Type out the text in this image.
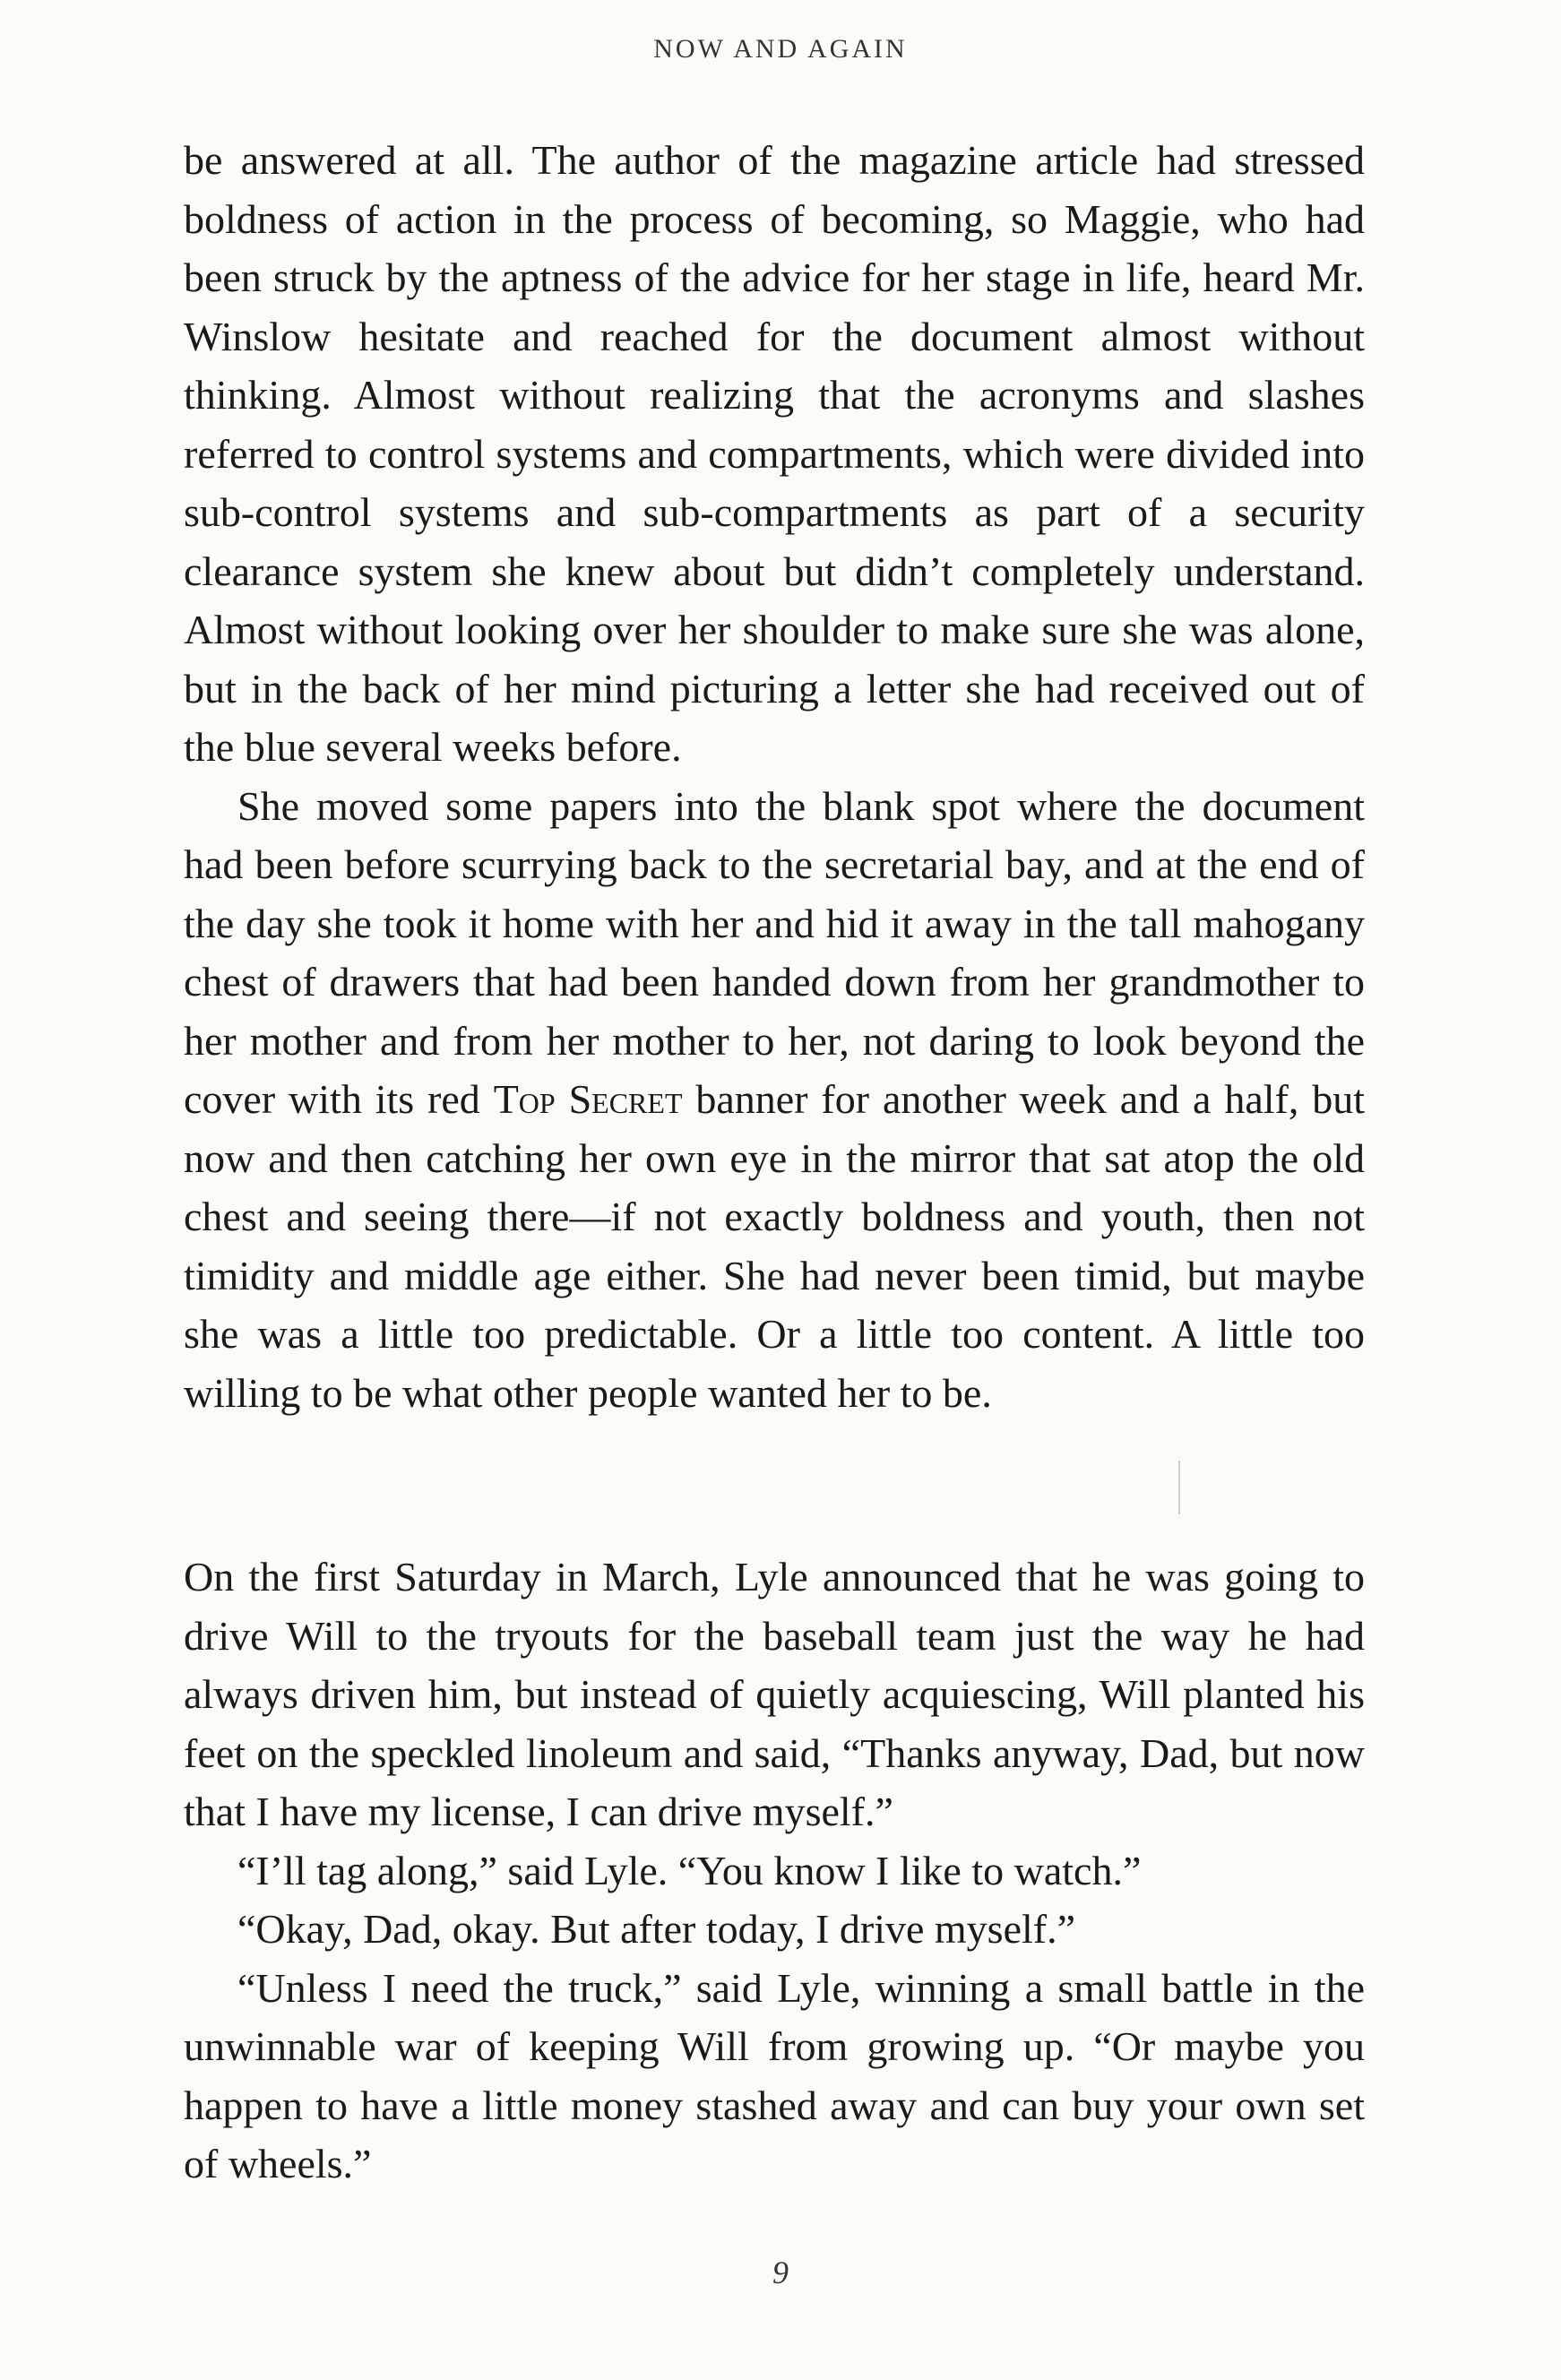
NOW AND AGAIN

be answered at all. The author of the magazine article had stressed boldness of action in the process of becoming, so Maggie, who had been struck by the aptness of the advice for her stage in life, heard Mr. Winslow hesitate and reached for the document almost without thinking. Almost without realizing that the acronyms and slashes referred to control systems and compartments, which were divided into sub-control systems and sub-compartments as part of a security clearance system she knew about but didn’t completely understand. Almost without looking over her shoulder to make sure she was alone, but in the back of her mind picturing a letter she had received out of the blue several weeks before.

She moved some papers into the blank spot where the document had been before scurrying back to the secretarial bay, and at the end of the day she took it home with her and hid it away in the tall mahogany chest of drawers that had been handed down from her grandmother to her mother and from her mother to her, not daring to look beyond the cover with its red Top Secret banner for another week and a half, but now and then catching her own eye in the mirror that sat atop the old chest and seeing there—if not exactly boldness and youth, then not timidity and middle age either. She had never been timid, but maybe she was a little too predictable. Or a little too content. A little too willing to be what other people wanted her to be.

On the first Saturday in March, Lyle announced that he was going to drive Will to the tryouts for the baseball team just the way he had always driven him, but instead of quietly acquiescing, Will planted his feet on the speckled linoleum and said, “Thanks anyway, Dad, but now that I have my license, I can drive myself.”

“I’ll tag along,” said Lyle. “You know I like to watch.”

“Okay, Dad, okay. But after today, I drive myself.”

“Unless I need the truck,” said Lyle, winning a small battle in the unwinnable war of keeping Will from growing up. “Or maybe you happen to have a little money stashed away and can buy your own set of wheels.”

9
